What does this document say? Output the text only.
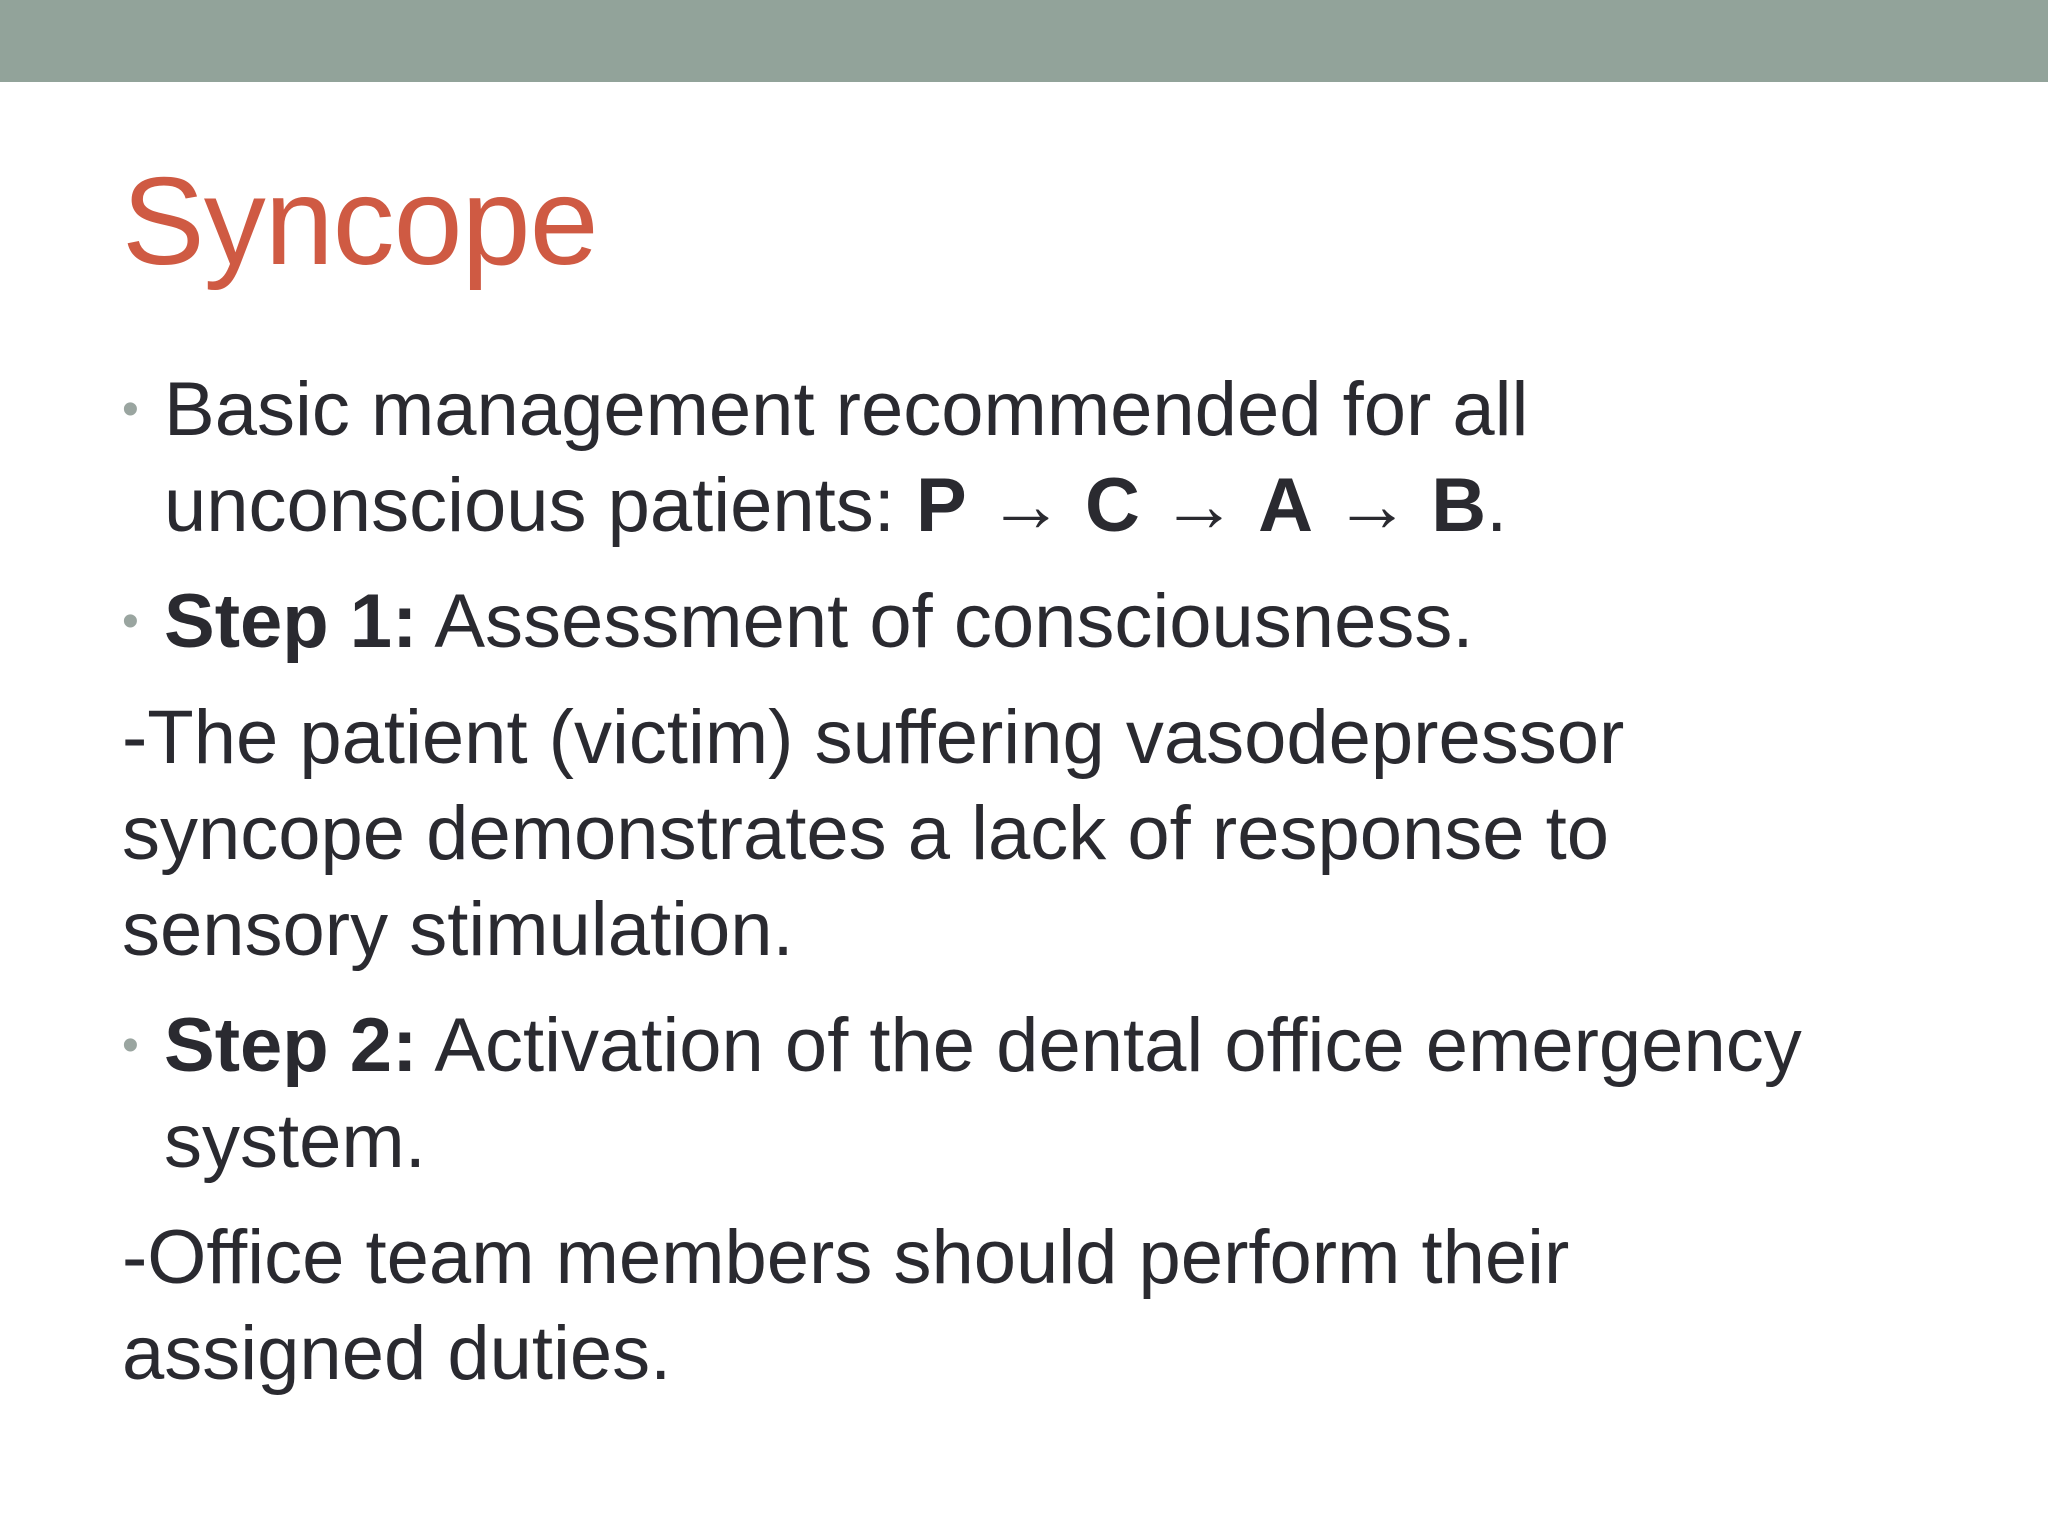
Syncope
• Basic management recommended for all
unconscious patients: P → C → A → B.
• Step 1: Assessment of consciousness.
-The patient (victim) suffering vasodepressor
syncope demonstrates a lack of response to
sensory stimulation.
• Step 2: Activation of the dental office emergency
system.
-Office team members should perform their
assigned duties.
